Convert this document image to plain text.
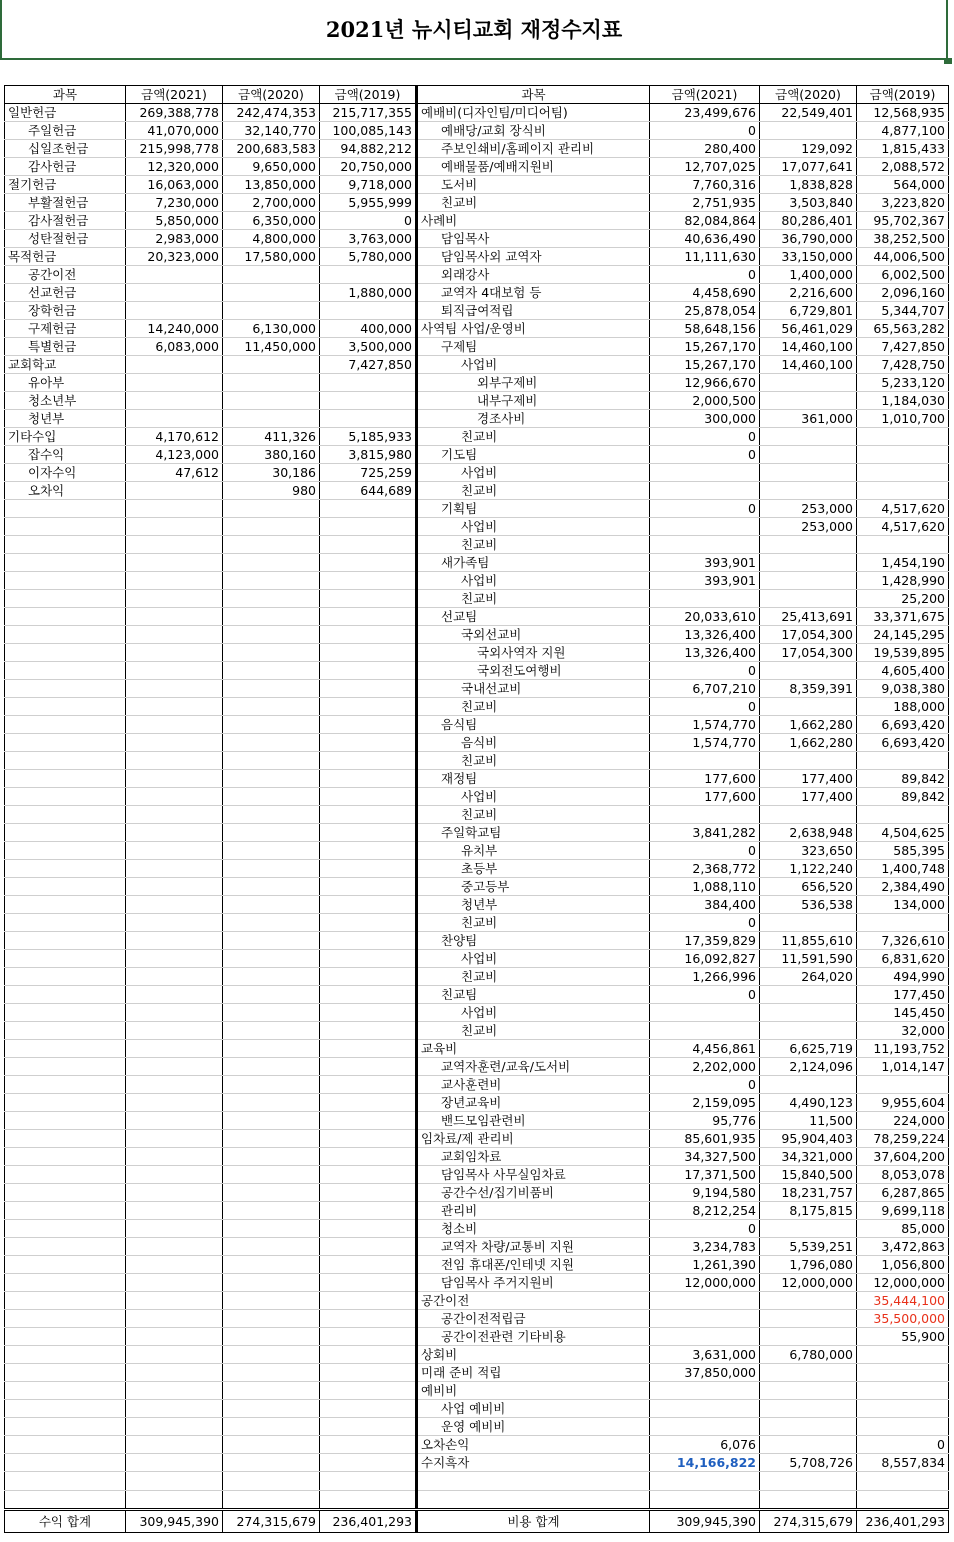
2021년 뉴시티교회 재정수지표
과목	금액(2021)	금액(2020)	금액(2019)	과목	금액(2021)	금액(2020)	금액(2019)
일반헌금	269,388,778	242,474,353	215,717,355	예배비(디자인팀/미디어팀)	23,499,676	22,549,401	12,568,935
주일헌금	41,070,000	32,140,770	100,085,143	예배당/교회 장식비	0		4,877,100
십일조헌금	215,998,778	200,683,583	94,882,212	주보인쇄비/홈페이지 관리비	280,400	129,092	1,815,433
감사헌금	12,320,000	9,650,000	20,750,000	예배물품/예배지원비	12,707,025	17,077,641	2,088,572
절기헌금	16,063,000	13,850,000	9,718,000	도서비	7,760,316	1,838,828	564,000
부활절헌금	7,230,000	2,700,000	5,955,999	친교비	2,751,935	3,503,840	3,223,820
감사절헌금	5,850,000	6,350,000	0	사례비	82,084,864	80,286,401	95,702,367
성탄절헌금	2,983,000	4,800,000	3,763,000	담임목사	40,636,490	36,790,000	38,252,500
목적헌금	20,323,000	17,580,000	5,780,000	담임목사외 교역자	11,111,630	33,150,000	44,006,500
공간이전				외래강사	0	1,400,000	6,002,500
선교헌금			1,880,000	교역자 4대보험 등	4,458,690	2,216,600	2,096,160
장학헌금				퇴직급여적립	25,878,054	6,729,801	5,344,707
구제헌금	14,240,000	6,130,000	400,000	사역팀 사업/운영비	58,648,156	56,461,029	65,563,282
특별헌금	6,083,000	11,450,000	3,500,000	구제팀	15,267,170	14,460,100	7,427,850
교회학교			7,427,850	사업비	15,267,170	14,460,100	7,428,750
유아부				외부구제비	12,966,670		5,233,120
청소년부				내부구제비	2,000,500		1,184,030
청년부				경조사비	300,000	361,000	1,010,700
기타수입	4,170,612	411,326	5,185,933	친교비	0		
잡수익	4,123,000	380,160	3,815,980	기도팀	0		
이자수익	47,612	30,186	725,259	사업비			
오차익		980	644,689	친교비			
				기획팀	0	253,000	4,517,620
				사업비		253,000	4,517,620
				친교비			
				새가족팀	393,901		1,454,190
				사업비	393,901		1,428,990
				친교비			25,200
				선교팀	20,033,610	25,413,691	33,371,675
				국외선교비	13,326,400	17,054,300	24,145,295
				국외사역자 지원	13,326,400	17,054,300	19,539,895
				국외전도여행비	0		4,605,400
				국내선교비	6,707,210	8,359,391	9,038,380
				친교비	0		188,000
				음식팀	1,574,770	1,662,280	6,693,420
				음식비	1,574,770	1,662,280	6,693,420
				친교비			
				재정팀	177,600	177,400	89,842
				사업비	177,600	177,400	89,842
				친교비			
				주일학교팀	3,841,282	2,638,948	4,504,625
				유치부	0	323,650	585,395
				초등부	2,368,772	1,122,240	1,400,748
				중고등부	1,088,110	656,520	2,384,490
				청년부	384,400	536,538	134,000
				친교비	0		
				찬양팀	17,359,829	11,855,610	7,326,610
				사업비	16,092,827	11,591,590	6,831,620
				친교비	1,266,996	264,020	494,990
				친교팀	0		177,450
				사업비			145,450
				친교비			32,000
				교육비	4,456,861	6,625,719	11,193,752
				교역자훈련/교육/도서비	2,202,000	2,124,096	1,014,147
				교사훈련비	0		
				장년교육비	2,159,095	4,490,123	9,955,604
				밴드모임관련비	95,776	11,500	224,000
				임차료/제 관리비	85,601,935	95,904,403	78,259,224
				교회임차료	34,327,500	34,321,000	37,604,200
				담임목사 사무실임차료	17,371,500	15,840,500	8,053,078
				공간수선/집기비품비	9,194,580	18,231,757	6,287,865
				관리비	8,212,254	8,175,815	9,699,118
				청소비	0		85,000
				교역자 차량/교통비 지원	3,234,783	5,539,251	3,472,863
				전임 휴대폰/인테넷 지원	1,261,390	1,796,080	1,056,800
				담임목사 주거지원비	12,000,000	12,000,000	12,000,000
				공간이전			35,444,100
				공간이전적립금			35,500,000
				공간이전관련 기타비용			55,900
				상회비	3,631,000	6,780,000	
				미래 준비 적립	37,850,000		
				예비비			
				사업 예비비			
				운영 예비비			
				오차손익	6,076		0
				수지흑자	14,166,822	5,708,726	8,557,834

수익 합계	309,945,390	274,315,679	236,401,293	비용 합계	309,945,390	274,315,679	236,401,293
